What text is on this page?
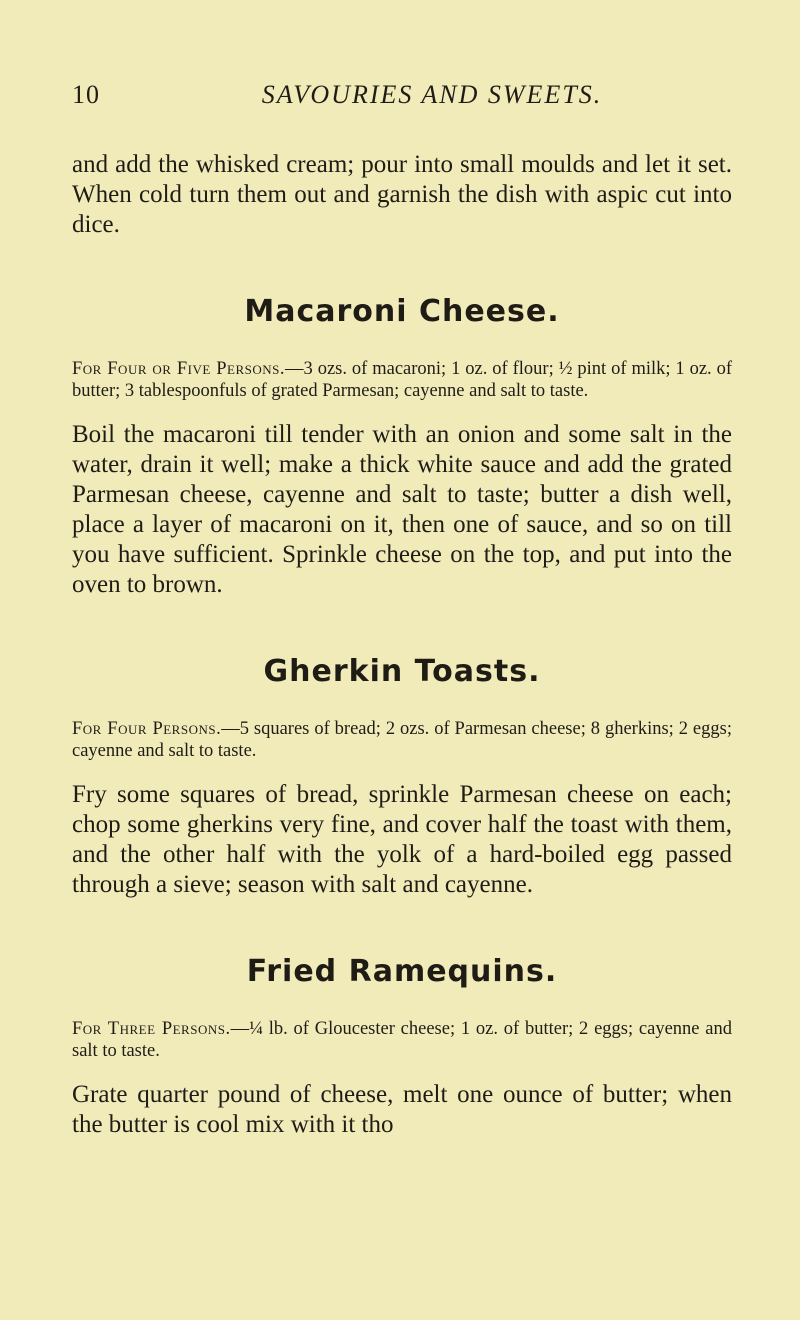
10	SAVOURIES AND SWEETS.

and add the whisked cream; pour into small moulds and let it set. When cold turn them out and garnish the dish with aspic cut into dice.

Macaroni Cheese.

For Four or Five Persons.—3 ozs. of macaroni; 1 oz. of flour; ½ pint of milk; 1 oz. of butter; 3 tablespoonfuls of grated Parmesan; cayenne and salt to taste.

Boil the macaroni till tender with an onion and some salt in the water, drain it well; make a thick white sauce and add the grated Parmesan cheese, cayenne and salt to taste; butter a dish well, place a layer of macaroni on it, then one of sauce, and so on till you have sufficient. Sprinkle cheese on the top, and put into the oven to brown.

Gherkin Toasts.

For Four Persons.—5 squares of bread; 2 ozs. of Parmesan cheese; 8 gherkins; 2 eggs; cayenne and salt to taste.

Fry some squares of bread, sprinkle Parmesan cheese on each; chop some gherkins very fine, and cover half the toast with them, and the other half with the yolk of a hard-boiled egg passed through a sieve; season with salt and cayenne.

Fried Ramequins.

For Three Persons.—¼ lb. of Gloucester cheese; 1 oz. of butter; 2 eggs; cayenne and salt to taste.

Grate quarter pound of cheese, melt one ounce of butter; when the butter is cool mix with it tho
